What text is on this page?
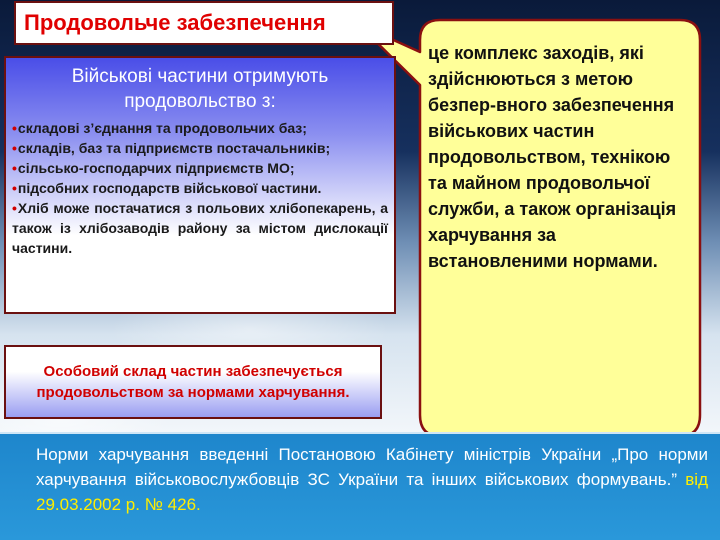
Продовольче забезпечення
Військові частини отримують продовольство з:
•складові з’єднання та продовольчих баз;
•складів, баз та підприємств постачальників;
•сільсько-господарчих підприємств МО;
•підсобних господарств військової частини.
•Хліб може постачатися з польових хлібопекарень, а також із хлібозаводів району за містом дислокації частини.
Особовий склад частин забезпечується продовольством за нормами харчування.
це комплекс заходів, які здійснюються з метою безпер-вного забезпечення військових частин продовольством, технікою та майном продовольчої служби, а також організація харчування за встановленими нормами.
Норми харчування введенні Постановою Кабінету міністрів України „Про норми харчування військовослужбовців ЗС України та інших військових формувань.” від 29.03.2002 р. № 426.
